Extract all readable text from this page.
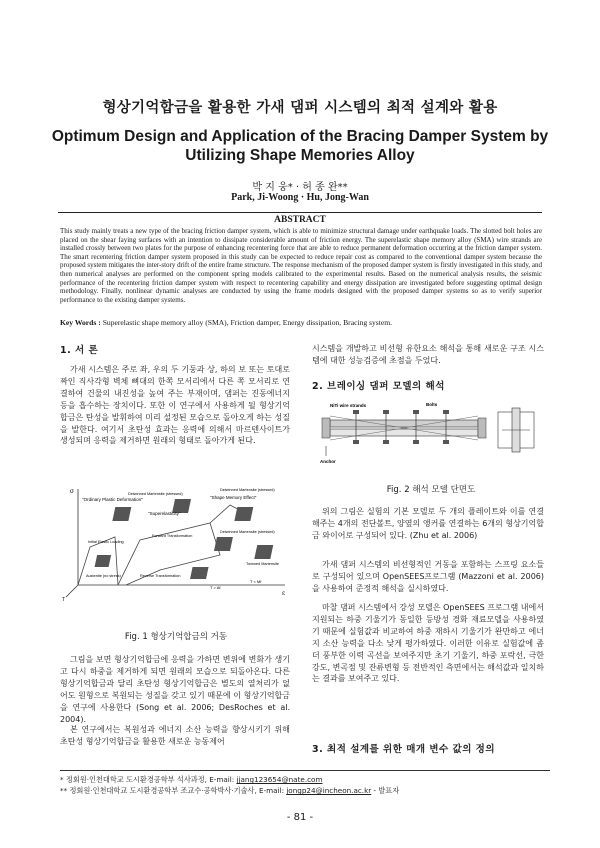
형상기억합금을 활용한 가새 댐퍼 시스템의 최적 설계와 활용
Optimum Design and Application of the Bracing Damper System by Utilizing Shape Memories Alloy
박 지 웅* · 허 종 완**
Park, Ji-Woong · Hu, Jong-Wan
ABSTRACT
This study mainly treats a new type of the bracing friction damper system, which is able to minimize structural damage under earthquake loads. The slotted bolt holes are placed on the shear faying surfaces with an intention to dissipate considerable amount of friction energy. The superelastic shape memory alloy (SMA) wire strands are installed crossly between two plates for the purpose of enhancing recentering force that are able to reduce permanent deformation occurring at the friction damper system. The smart recentering friction damper system proposed in this study can be expected to reduce repair cost as compared to the conventional damper system because the proposed system mitigates the inter-story drift of the entire frame structure. The response mechanism of the proposed damper system is firstly investigated in this study, and then numerical analyses are performed on the component spring models calibrated to the experimental results. Based on the numerical analysis results, the seismic performance of the recentering friction damper system with respect to recentering capability and energy dissipation are investigated before suggesting optimal design methodology. Finally, nonlinear dynamic analyses are conducted by using the frame models designed with the proposed damper systems so as to verify superior performance to the existing damper systems.
Key Words : Superelastic shape memory alloy (SMA), Friction damper, Energy dissipation, Bracing system.
1. 서 론
가새 시스템은 주로 좌, 우의 두 기둥과 상, 하의 보 또는 토대로 짜인 직사각형 벽체 뼈대의 한쪽 모서리에서 다른 쪽 모서리로 연결하여 건물의 내진성을 높여 주는 부재이며, 댐퍼는 진동에너지 등을 흡수하는 장치이다. 또한 이 연구에서 사용하게 될 형상기억합금은 탄성을 발휘하여 미리 설정된 모습으로 돌아오게 하는 성질을 발한다. 여기서 초탄성 효과는 응력에 의해서 마르텐사이트가 생성되며 응력을 제거하면 원래의 형태로 돌아가게 된다.
"Ordinary Plastic Deformation"
"Superelasticity"
"Shape Memory Effect"
Detwinned Martensite (stressed)
Detwinned Martensite (stressed)
Detwinned Martensite (stressed)
Twinned Martensite
Austenite (no stress)
Forward Transformation
Reverse Transformation
Initial Elastic Loading
σ
ε
T
T > Af
T < Mf
Fig. 1 형상기억합금의 거동
그림을 보면 형상기억합금에 응력을 가하면 변위에 변화가 생기고 다시 하중을 제거하게 되면 원래의 모습으로 되돌아온다. 다른 형상기억합금과 달리 초탄성 형상기억합금은 별도의 열처리가 없어도 원형으로 복원되는 성질을 갖고 있기 때문에 이 형상기억합금을 연구에 사용한다 (Song et al. 2006; DesRoches et al. 2004).
본 연구에서는 복원성과 에너지 소산 능력을 향상시키기 위해 초탄성 형상기억합금을 활용한 새로운 능동제어
시스템을 개발하고 비선형 유한요소 해석을 통해 새로운 구조 시스템에 대한 성능검증에 초점을 두었다.
2. 브레이싱 댐퍼 모델의 해석
NiTi wire strands	Bolts
Anchor
Fig. 2 해석 모델 단면도
위의 그림은 실험의 기본 모델로 두 개의 플레이트와 이를 연결해주는 4개의 전단볼트, 양옆의 앵커를 연결하는 6개의 형상기억합금 와이어로 구성되어 있다. (Zhu et al. 2006)
가새 댐퍼 시스템의 비선형적인 거동을 포함하는 스프링 요소들로 구성되어 있으며 OpenSEES프로그램 (Mazzoni et al. 2006)을 사용하여 준정적 해석을 실시하였다.
마찰 댐퍼 시스템에서 강성 모델은 OpenSEES 프로그램 내에서 지원되는 하중 기울기가 동일한 등방성 경화 재료모델을 사용하였기 때문에 실험값과 비교하여 하중 재하시 기울기가 완만하고 에너지 소산 능력을 다소 낮게 평가하였다. 이러한 이유로 실험값에 좀 더 풍부한 이력 곡선을 보여주지만 초기 기울기, 하중 포락선, 극한강도, 변곡점 및 잔류변형 등 전반적인 측면에서는 해석값과 일치하는 결과를 보여주고 있다.
3. 최적 설계를 위한 매개 변수 값의 정의
* 정회원·인천대학교 도시환경공학부 석사과정, E-mail: jjang123654@nate.com
** 정회원·인천대학교 도시환경공학부 조교수·공학박사·기술사, E-mail: jongp24@incheon.ac.kr - 발표자
- 81 -
